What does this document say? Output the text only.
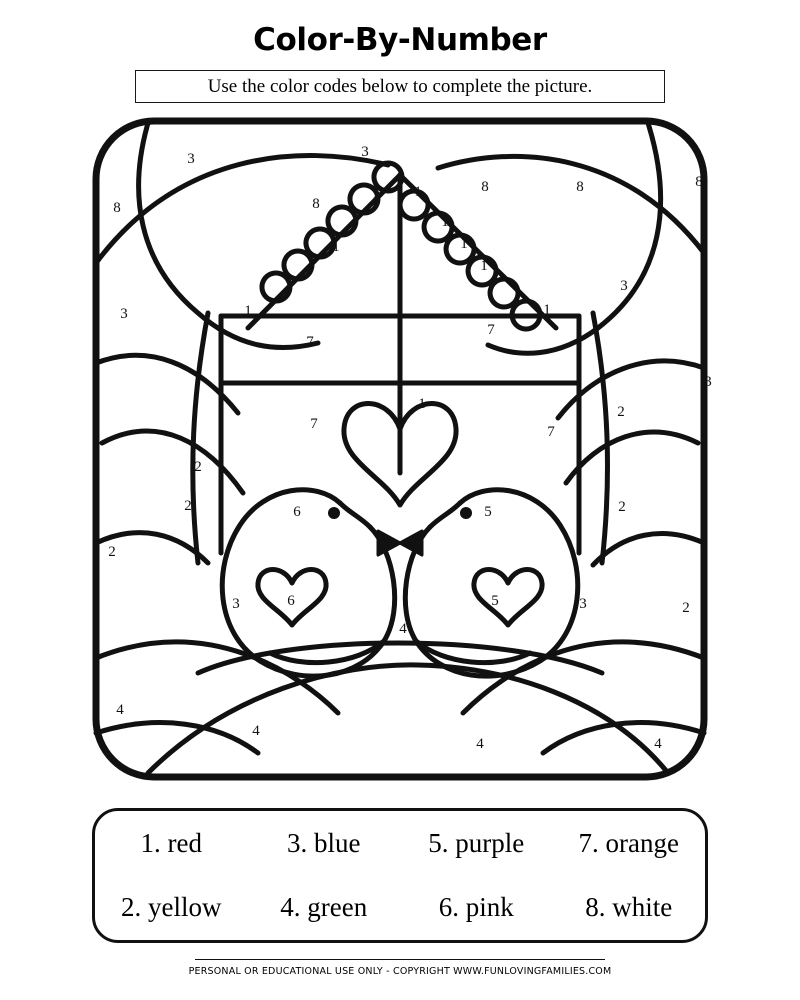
Color-By-Number
Use the color codes below to complete the picture.
3	3
8	8	8
8	8	1
1
1	1
1	1
1
3
3
1	1
7
7
3
7
1
7
2
2
2	6	5	2
2
3	6	5	3	2
4
4
4
4	4
1. red	3. blue	5. purple	7. orange
2. yellow	4. green	6. pink	8. white
PERSONAL OR EDUCATIONAL USE ONLY - COPYRIGHT WWW.FUNLOVINGFAMILIES.COM
